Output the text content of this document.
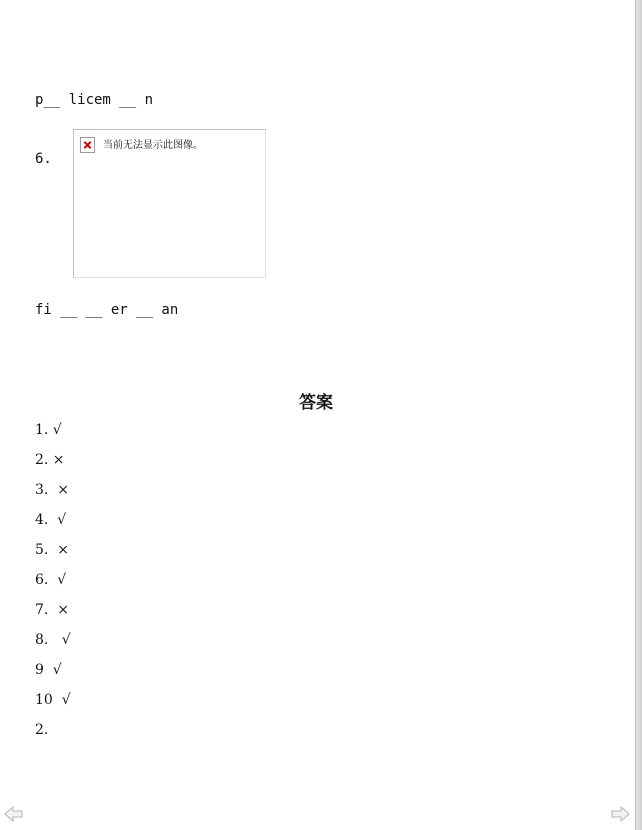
p__ licem __ n
6.
当前无法显示此图像。
fi __ __ er __ an
答案
1. √
2. ×
3.  ×
4.  √
5.  ×
6.  √
7.  ×
8.   √
9  √
10  √
2.
